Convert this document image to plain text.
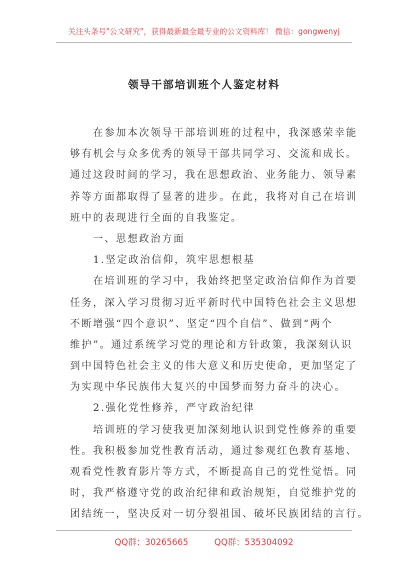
关注头条号"公文研究"，获得最新最全最专业的公文资料库！ 微信：gongwenyj
领导干部培训班个人鉴定材料
　　在参加本次领导干部培训班的过程中，我深感荣幸能
够有机会与众多优秀的领导干部共同学习、交流和成长。
通过这段时间的学习，我在思想政治、业务能力、领导素
养等方面都取得了显著的进步。在此，我将对自己在培训
班中的表现进行全面的自我鉴定。
　　一、思想政治方面
　　1.坚定政治信仰，筑牢思想根基
　　在培训班的学习中，我始终把坚定政治信仰作为首要
任务，深入学习贯彻习近平新时代中国特色社会主义思想
不断增强“四个意识”、坚定“四个自信”、做到“两个
维护”。通过系统学习党的理论和方针政策，我深刻认识
到中国特色社会主义的伟大意义和历史使命，更加坚定了
为实现中华民族伟大复兴的中国梦而努力奋斗的决心。
　　2.强化党性修养，严守政治纪律
　　培训班的学习使我更加深刻地认识到党性修养的重要
性。我积极参加党性教育活动，通过参观红色教育基地、
观看党性教育影片等方式，不断提高自己的党性觉悟。同
时，我严格遵守党的政治纪律和政治规矩，自觉维护党的
团结统一，坚决反对一切分裂祖国、破坏民族团结的言行。
QQ群：30265665	QQ群：535304092
